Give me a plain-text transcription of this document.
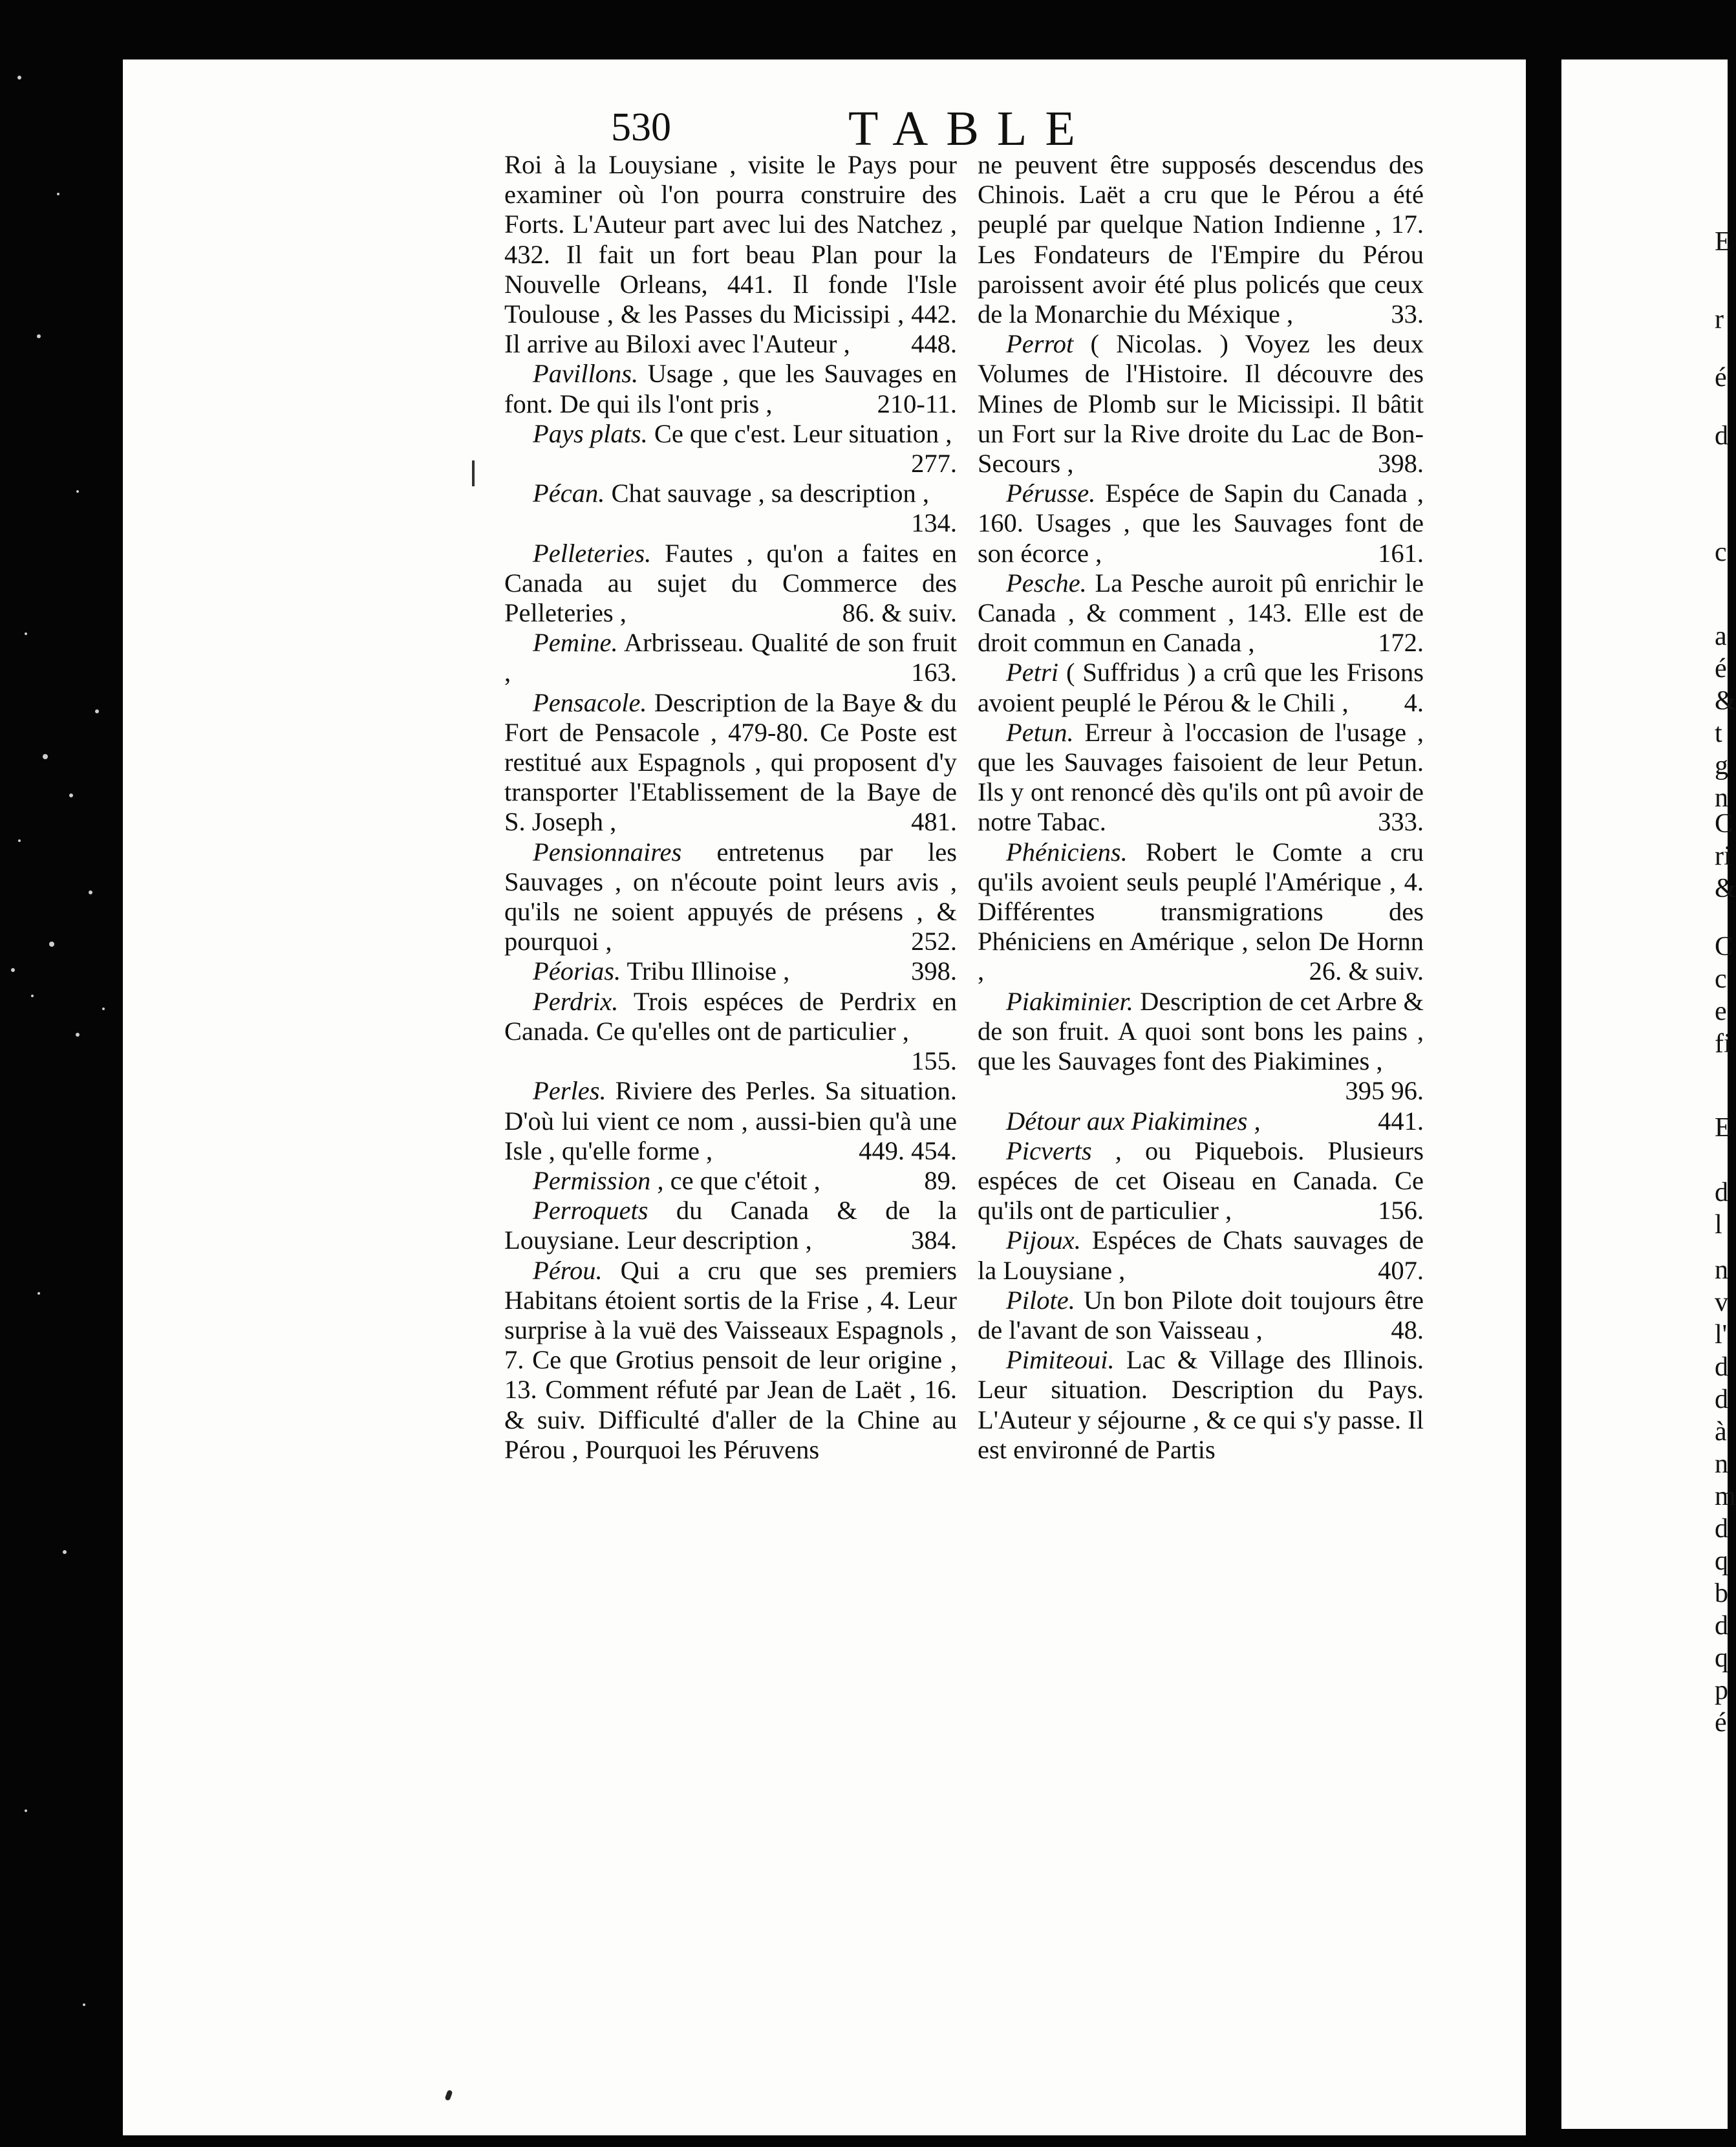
530	TABLE

Roi à la Louysiane , visite le Pays pour examiner où l'on pourra construire des Forts. L'Auteur part avec lui des Natchez , 432. Il fait un fort beau Plan pour la Nouvelle Orleans, 441. Il fonde l'Isle Toulouse , & les Passes du Micissipi , 442. Il arrive au Biloxi avec l'Auteur , 448.

Pavillons. Usage , que les Sauvages en font. De qui ils l'ont pris ,	210-11.

Pays plats. Ce que c'est. Leur situation ,
277.

Pécan. Chat sauvage , sa description ,
134.

Pelleteries. Fautes , qu'on a faites en Canada au sujet du Commerce des Pelleteries ,	86. & suiv.

Pemine. Arbrisseau. Qualité de son fruit ,	163.

Pensacole. Description de la Baye & du Fort de Pensacole , 479-80. Ce Poste est restitué aux Espagnols , qui proposent d'y transporter l'Etablissement de la Baye de S. Joseph ,	481.

Pensionnaires entretenus par les Sauvages , on n'écoute point leurs avis , qu'ils ne soient appuyés de présens , & pourquoi ,	252.

Péorias. Tribu Illinoise ,	398.

Perdrix. Trois espéces de Perdrix en Canada. Ce qu'elles ont de particulier ,
155.

Perles. Riviere des Perles. Sa situation. D'où lui vient ce nom , aussi-bien qu'à une Isle , qu'elle forme ,	449. 454.

Permission , ce que c'étoit ,	89.

Perroquets du Canada & de la Louysiane. Leur description ,	384.

Pérou. Qui a cru que ses premiers Habitans étoient sortis de la Frise , 4. Leur surprise à la vuë des Vaisseaux Espagnols , 7. Ce que Grotius pensoit de leur origine , 13. Comment réfuté par Jean de Laët , 16. & suiv. Difficulté d'aller de la Chine au Pérou , Pourquoi les Péruvens

ne peuvent être supposés descendus des Chinois. Laët a cru que le Pérou a été peuplé par quelque Nation Indienne , 17. Les Fondateurs de l'Empire du Pérou paroissent avoir été plus policés que ceux de la Monarchie du Méxique ,	33.

Perrot ( Nicolas. ) Voyez les deux Volumes de l'Histoire. Il découvre des Mines de Plomb sur le Micissipi. Il bâtit un Fort sur la Rive droite du Lac de Bon-Secours ,	398.

Pérusse. Espéce de Sapin du Canada , 160. Usages , que les Sauvages font de son écorce ,	161.

Pesche. La Pesche auroit pû enrichir le Canada , & comment , 143. Elle est de droit commun en Canada ,	172.

Petri ( Suffridus ) a crû que les Frisons avoient peuplé le Pérou & le Chili ,	4.

Petun. Erreur à l'occasion de l'usage , que les Sauvages faisoient de leur Petun. Ils y ont renoncé dès qu'ils ont pû avoir de notre Tabac.	333.

Phéniciens. Robert le Comte a cru qu'ils avoient seuls peuplé l'Amérique , 4. Différentes transmigrations des Phéniciens en Amérique , selon De Hornn ,	26. & suiv.

Piakiminier. Description de cet Arbre & de son fruit. A quoi sont bons les pains , que les Sauvages font des Piakimines ,
395 96.

Détour aux Piakimines ,	441.

Picverts , ou Piquebois. Plusieurs espéces de cet Oiseau en Canada. Ce qu'ils ont de particulier ,	156.

Pijoux. Espéces de Chats sauvages de la Louysiane ,	407.

Pilote. Un bon Pilote doit toujours être de l'avant de son Vaisseau ,	48.

Pimiteoui. Lac & Village des Illinois. Leur situation. Description du Pays. L'Auteur y séjourne , & ce qui s'y passe. Il est environné de Partis

E
r
é
d
c
a
é
&
t
g
n
C
ri
&
C
c
e
fi
E
d
l
n
v
l'
d
d
à
n
m
d
q
b
d
q
p
é
